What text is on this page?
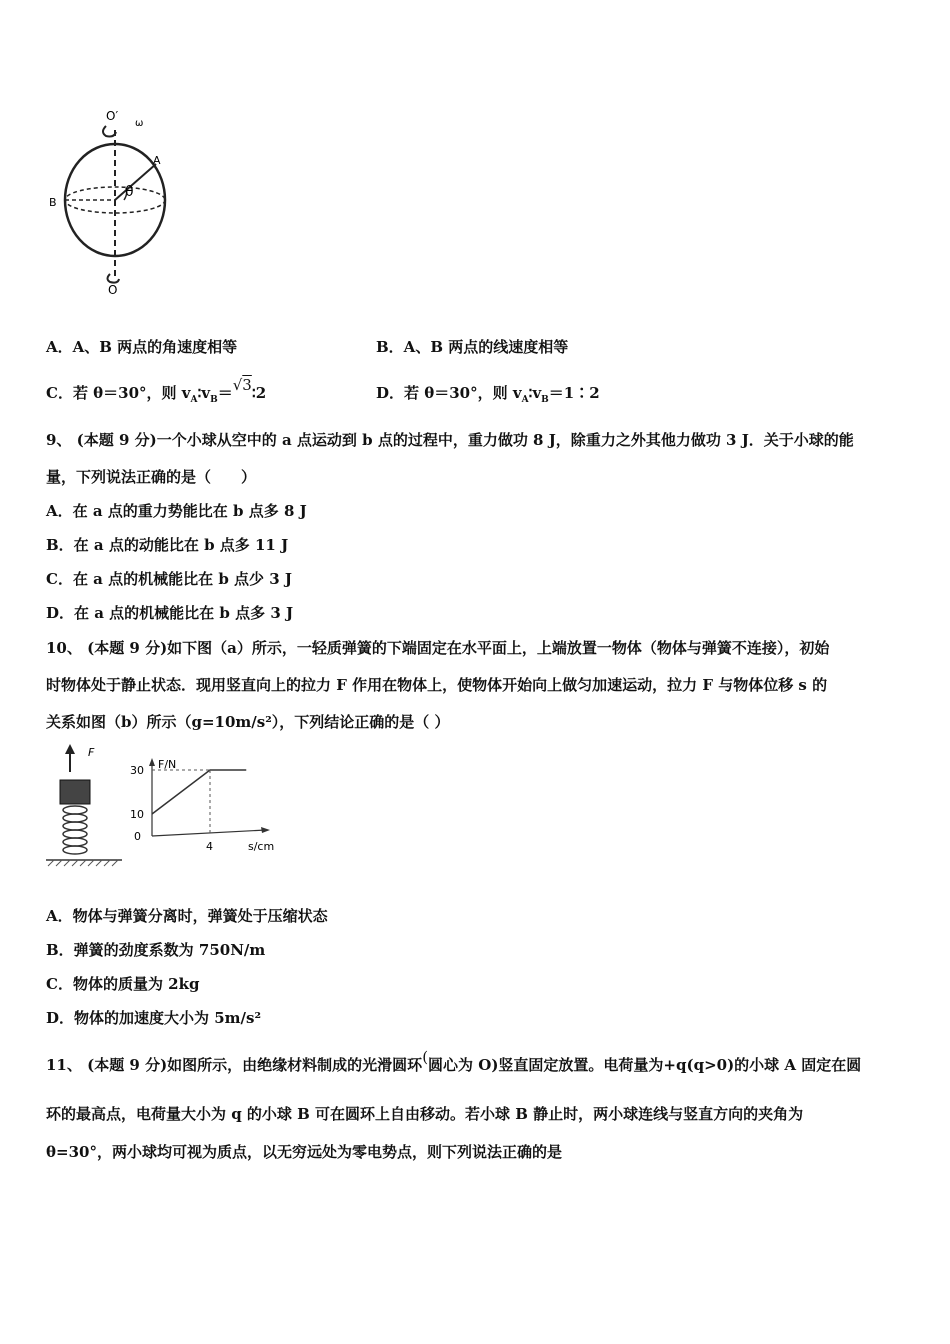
O′
ω
A
B
θ
O
A．A、B 两点的角速度相等	B．A、B 两点的线速度相等
C．若 θ＝30°，则 $v_A∶v_B=√3∶2$	D．若 θ＝30°，则 $v_A∶v_B=1∶2$
9、 (本题 9 分)一个小球从空中的 a 点运动到 b 点的过程中，重力做功 8 J，除重力之外其他力做功 3 J．关于小球的能
量，下列说法正确的是（　　）
A．在 a 点的重力势能比在 b 点多 8 J
B．在 a 点的动能比在 b 点多 11 J
C．在 a 点的机械能比在 b 点少 3 J
D．在 a 点的机械能比在 b 点多 3 J
10、 (本题 9 分)如下图（a）所示，一轻质弹簧的下端固定在水平面上，上端放置一物体（物体与弹簧不连接），初始
时物体处于静止状态．现用竖直向上的拉力 F 作用在物体上，使物体开始向上做匀加速运动，拉力 F 与物体位移 s 的
关系如图（b）所示（g=10m/s²），下列结论正确的是（ ）
F
F/N
s/cm
30
10
0
4
A．物体与弹簧分离时，弹簧处于压缩状态
B．弹簧的劲度系数为 750N/m
C．物体的质量为 2kg
D．物体的加速度大小为 5m/s²
11、 (本题 9 分)如图所示，由绝缘材料制成的光滑圆环(圆心为 O)竖直固定放置。电荷量为+q(q>0)的小球 A 固定在圆
环的最高点，电荷量大小为 q 的小球 B 可在圆环上自由移动。若小球 B 静止时，两小球连线与竖直方向的夹角为
θ=30°，两小球均可视为质点，以无穷远处为零电势点，则下列说法正确的是
